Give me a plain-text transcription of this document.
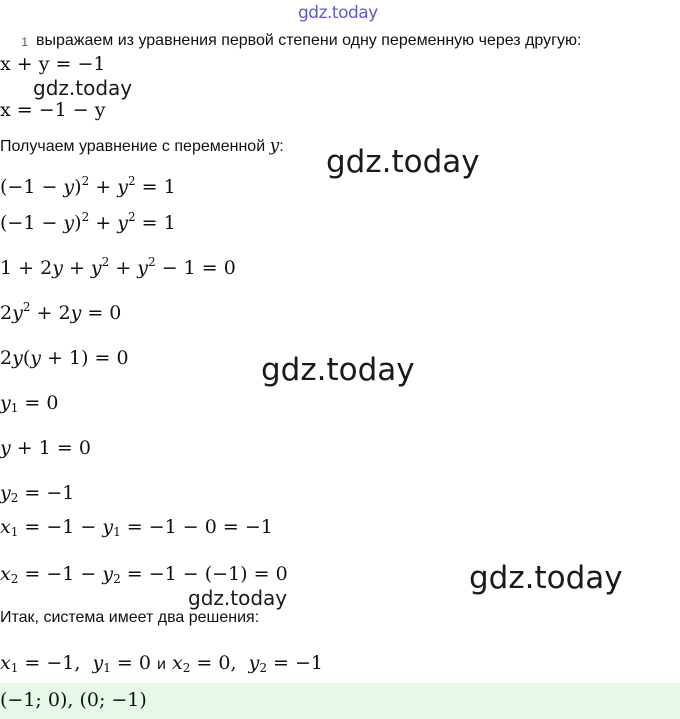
gdz.today
gdz.today
gdz.today
gdz.today
gdz.today
gdz.today
1 выражаем из уравнения первой степени одну переменную через другую:
x + y = −1
x = −1 − y
Получаем уравнение с переменной y:
$(-1 - y)^2 + y^2 = 1$
$(-1 - y)^2 + y^2 = 1$
$1 + 2y + y^2 + y^2 - 1 = 0$
$2y^2 + 2y = 0$
2y(y + 1) = 0
$y_1 = 0$
y + 1 = 0
$y_2 = -1$
$x_1 = -1 - y_1 = -1 - 0 = -1$
$x_2 = -1 - y_2 = -1 - (-1) = 0$
Итак, система имеет два решения:
$x_1 = -1$,  $y_1 = 0$ и $x_2 = 0$,  $y_2 = -1$
(−1; 0), (0; −1)
